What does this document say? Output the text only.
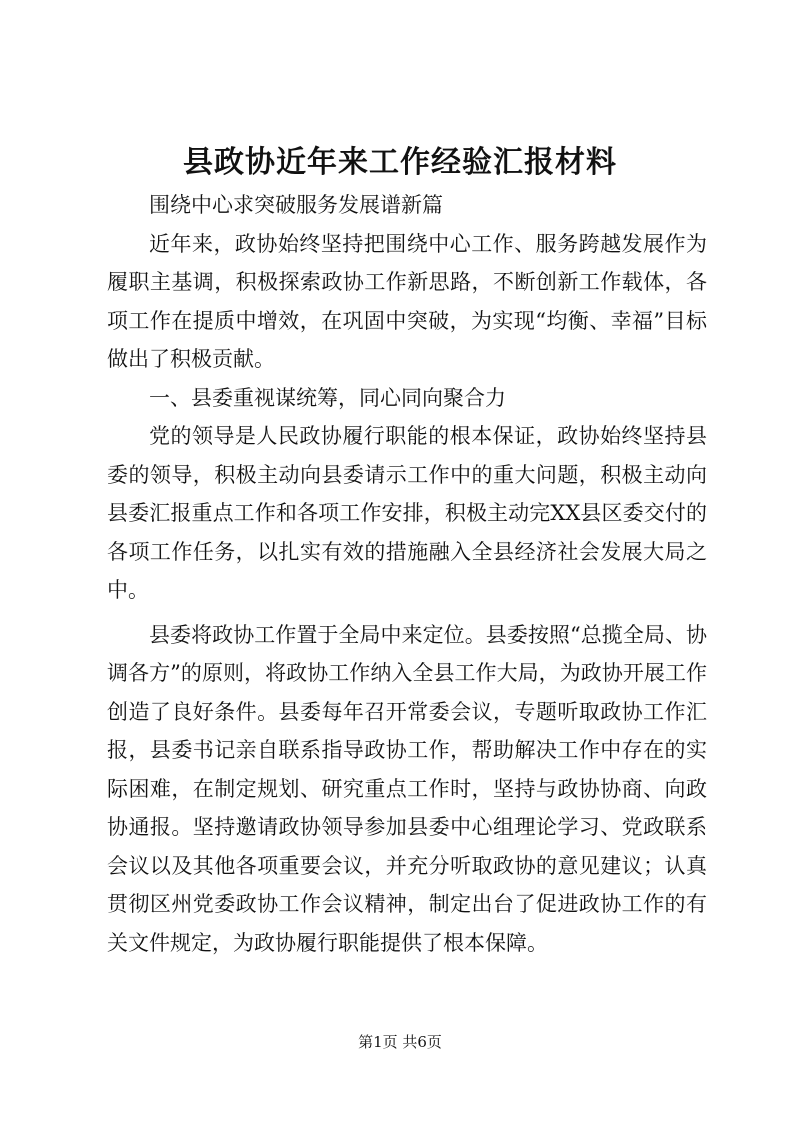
县政协近年来工作经验汇报材料

围绕中心求突破服务发展谱新篇

近年来，政协始终坚持把围绕中心工作、服务跨越发展作为履职主基调，积极探索政协工作新思路，不断创新工作载体，各项工作在提质中增效，在巩固中突破，为实现“均衡、幸福”目标做出了积极贡献。

一、县委重视谋统筹，同心同向聚合力

党的领导是人民政协履行职能的根本保证，政协始终坚持县委的领导，积极主动向县委请示工作中的重大问题，积极主动向县委汇报重点工作和各项工作安排，积极主动完XX县区委交付的各项工作任务，以扎实有效的措施融入全县经济社会发展大局之中。

县委将政协工作置于全局中来定位。县委按照“总揽全局、协调各方”的原则，将政协工作纳入全县工作大局，为政协开展工作创造了良好条件。县委每年召开常委会议，专题听取政协工作汇报，县委书记亲自联系指导政协工作，帮助解决工作中存在的实际困难，在制定规划、研究重点工作时，坚持与政协协商、向政协通报。坚持邀请政协领导参加县委中心组理论学习、党政联系会议以及其他各项重要会议，并充分听取政协的意见建议；认真贯彻区州党委政协工作会议精神，制定出台了促进政协工作的有关文件规定，为政协履行职能提供了根本保障。

第1页 共6页
